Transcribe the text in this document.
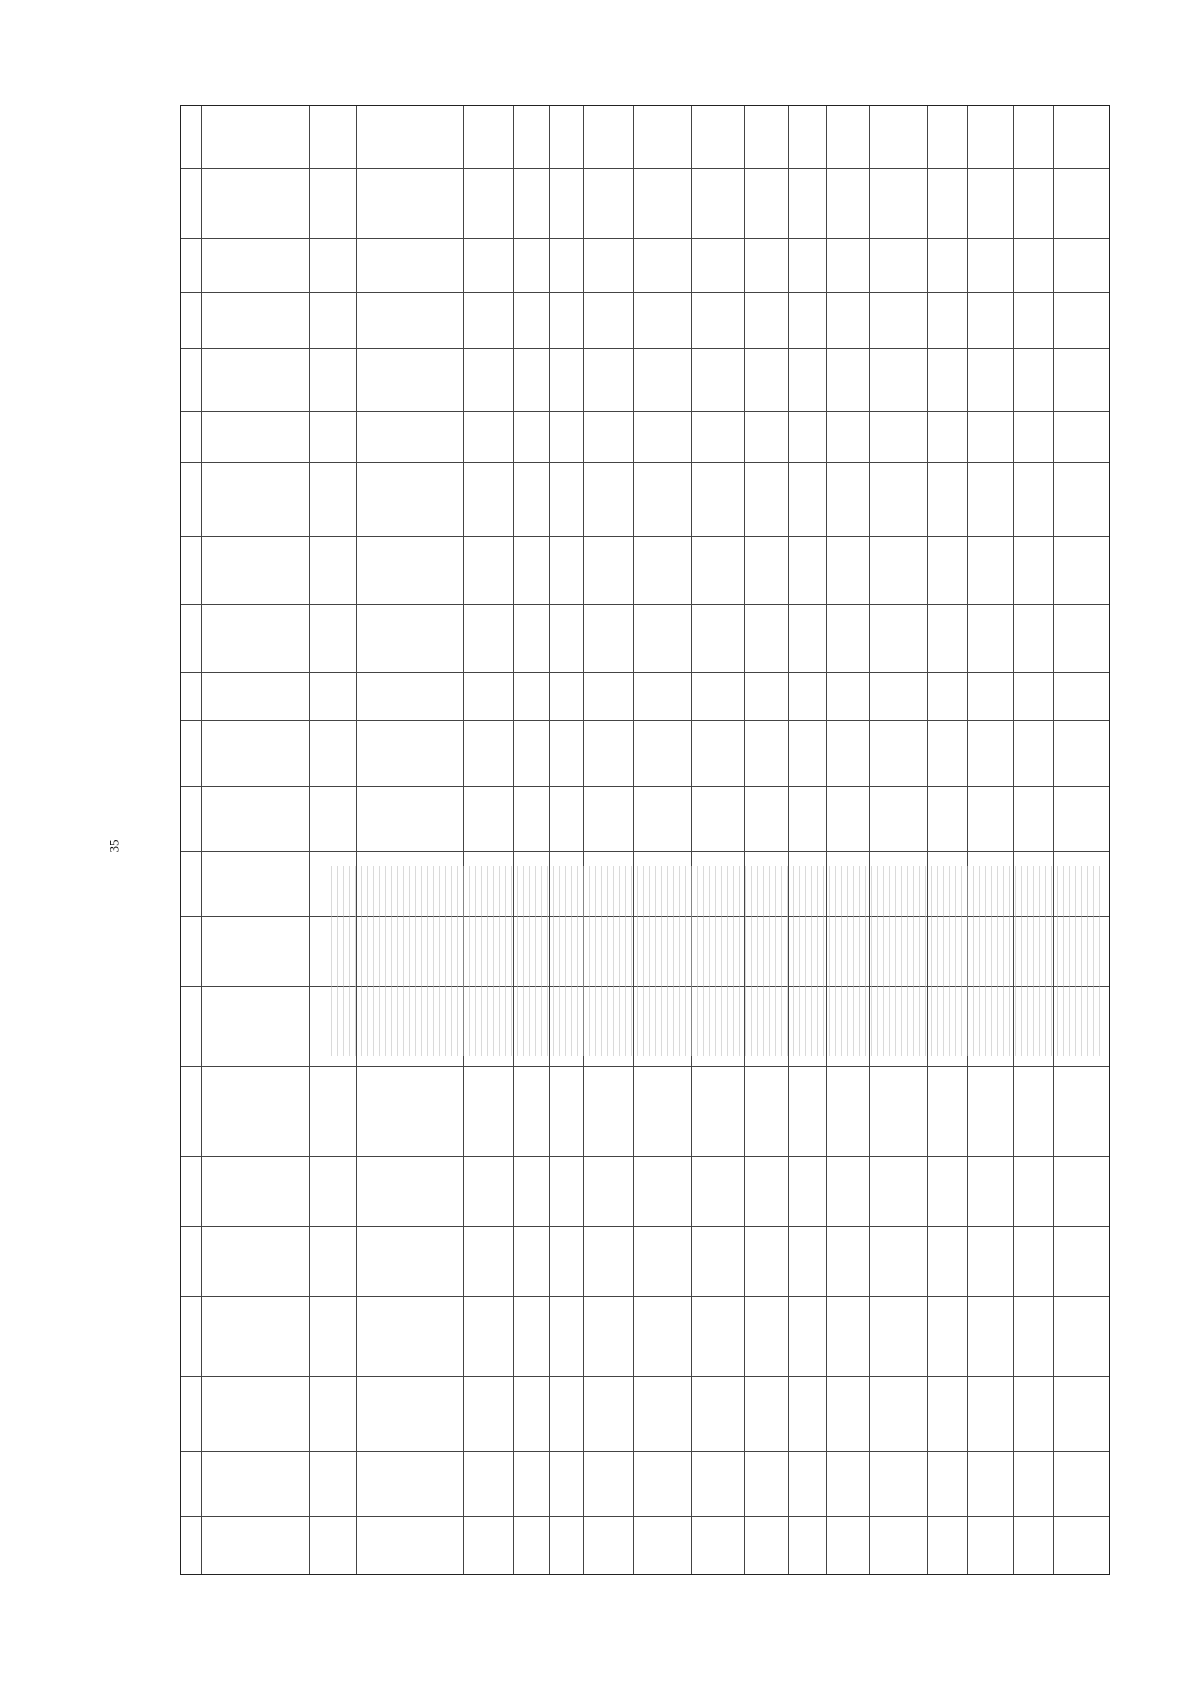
35
